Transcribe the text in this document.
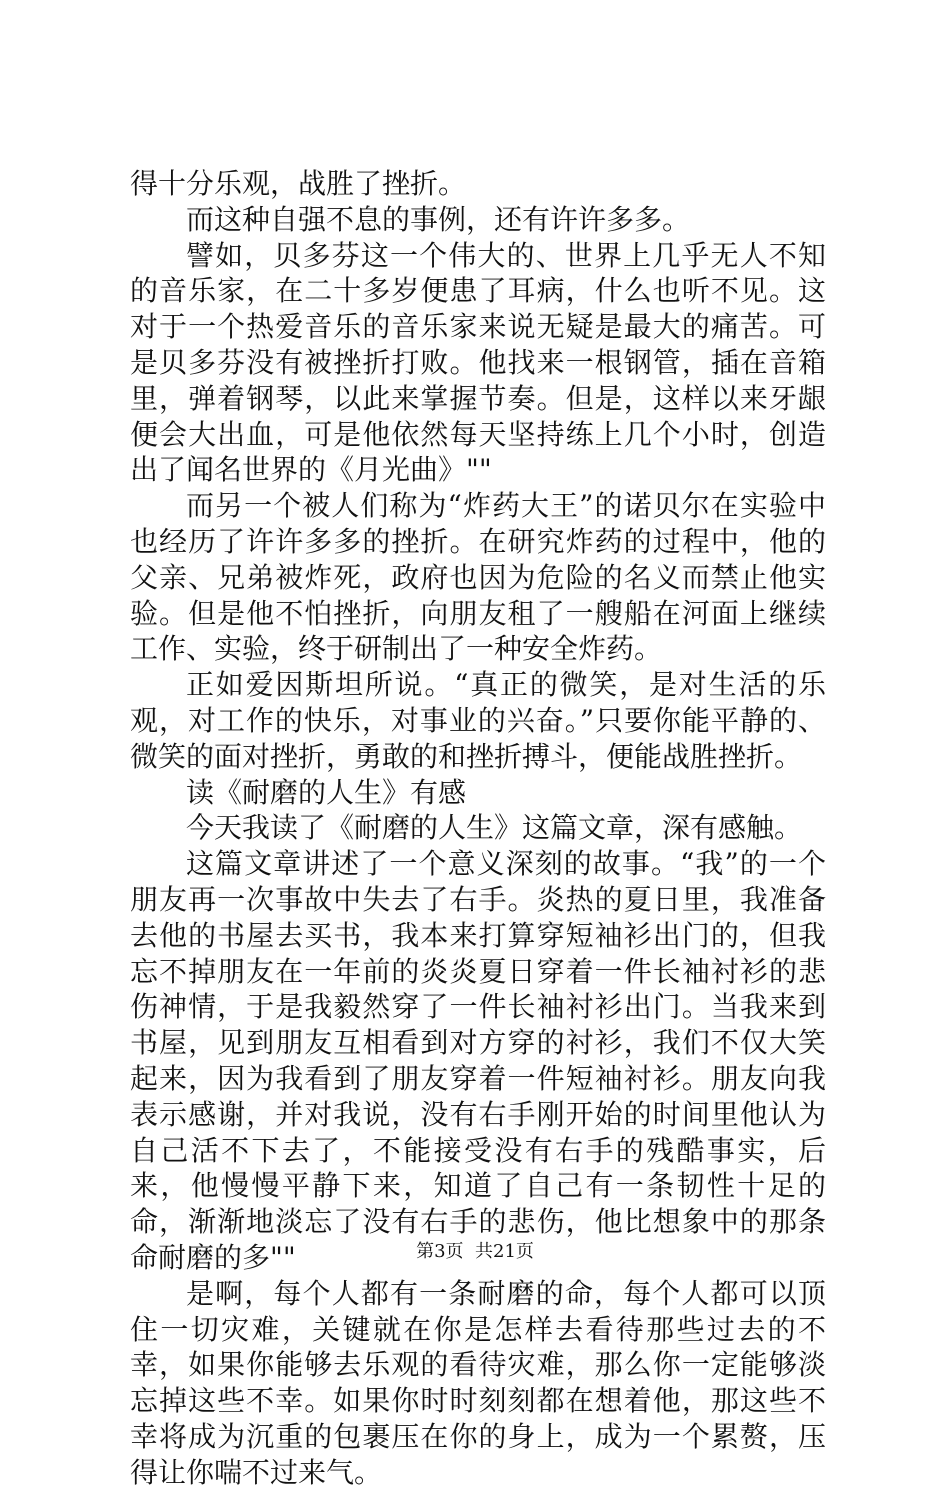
得十分乐观，战胜了挫折。

而这种自强不息的事例，还有许许多多。

譬如，贝多芬这一个伟大的、世界上几乎无人不知的音乐家，在二十多岁便患了耳病，什么也听不见。这对于一个热爱音乐的音乐家来说无疑是最大的痛苦。可是贝多芬没有被挫折打败。他找来一根钢管，插在音箱里，弹着钢琴，以此来掌握节奏。但是，这样以来牙龈便会大出血，可是他依然每天坚持练上几个小时，创造出了闻名世界的《月光曲》""

而另一个被人们称为“炸药大王”的诺贝尔在实验中也经历了许许多多的挫折。在研究炸药的过程中，他的父亲、兄弟被炸死，政府也因为危险的名义而禁止他实验。但是他不怕挫折，向朋友租了一艘船在河面上继续工作、实验，终于研制出了一种安全炸药。

正如爱因斯坦所说。“真正的微笑，是对生活的乐观，对工作的快乐，对事业的兴奋。”只要你能平静的、微笑的面对挫折，勇敢的和挫折搏斗，便能战胜挫折。

读《耐磨的人生》有感

今天我读了《耐磨的人生》这篇文章，深有感触。

这篇文章讲述了一个意义深刻的故事。“我”的一个朋友再一次事故中失去了右手。炎热的夏日里，我准备去他的书屋去买书，我本来打算穿短袖衫出门的，但我忘不掉朋友在一年前的炎炎夏日穿着一件长袖衬衫的悲伤神情，于是我毅然穿了一件长袖衬衫出门。当我来到书屋，见到朋友互相看到对方穿的衬衫，我们不仅大笑起来，因为我看到了朋友穿着一件短袖衬衫。朋友向我表示感谢，并对我说，没有右手刚开始的时间里他认为自己活不下去了，不能接受没有右手的残酷事实，后来，他慢慢平静下来，知道了自己有一条韧性十足的命，渐渐地淡忘了没有右手的悲伤，他比想象中的那条命耐磨的多""

是啊，每个人都有一条耐磨的命，每个人都可以顶住一切灾难，关键就在你是怎样去看待那些过去的不幸，如果你能够去乐观的看待灾难，那么你一定能够淡忘掉这些不幸。如果你时时刻刻都在想着他，那这些不幸将成为沉重的包裹压在你的身上，成为一个累赘，压得让你喘不过来气。

第3页  共21页
